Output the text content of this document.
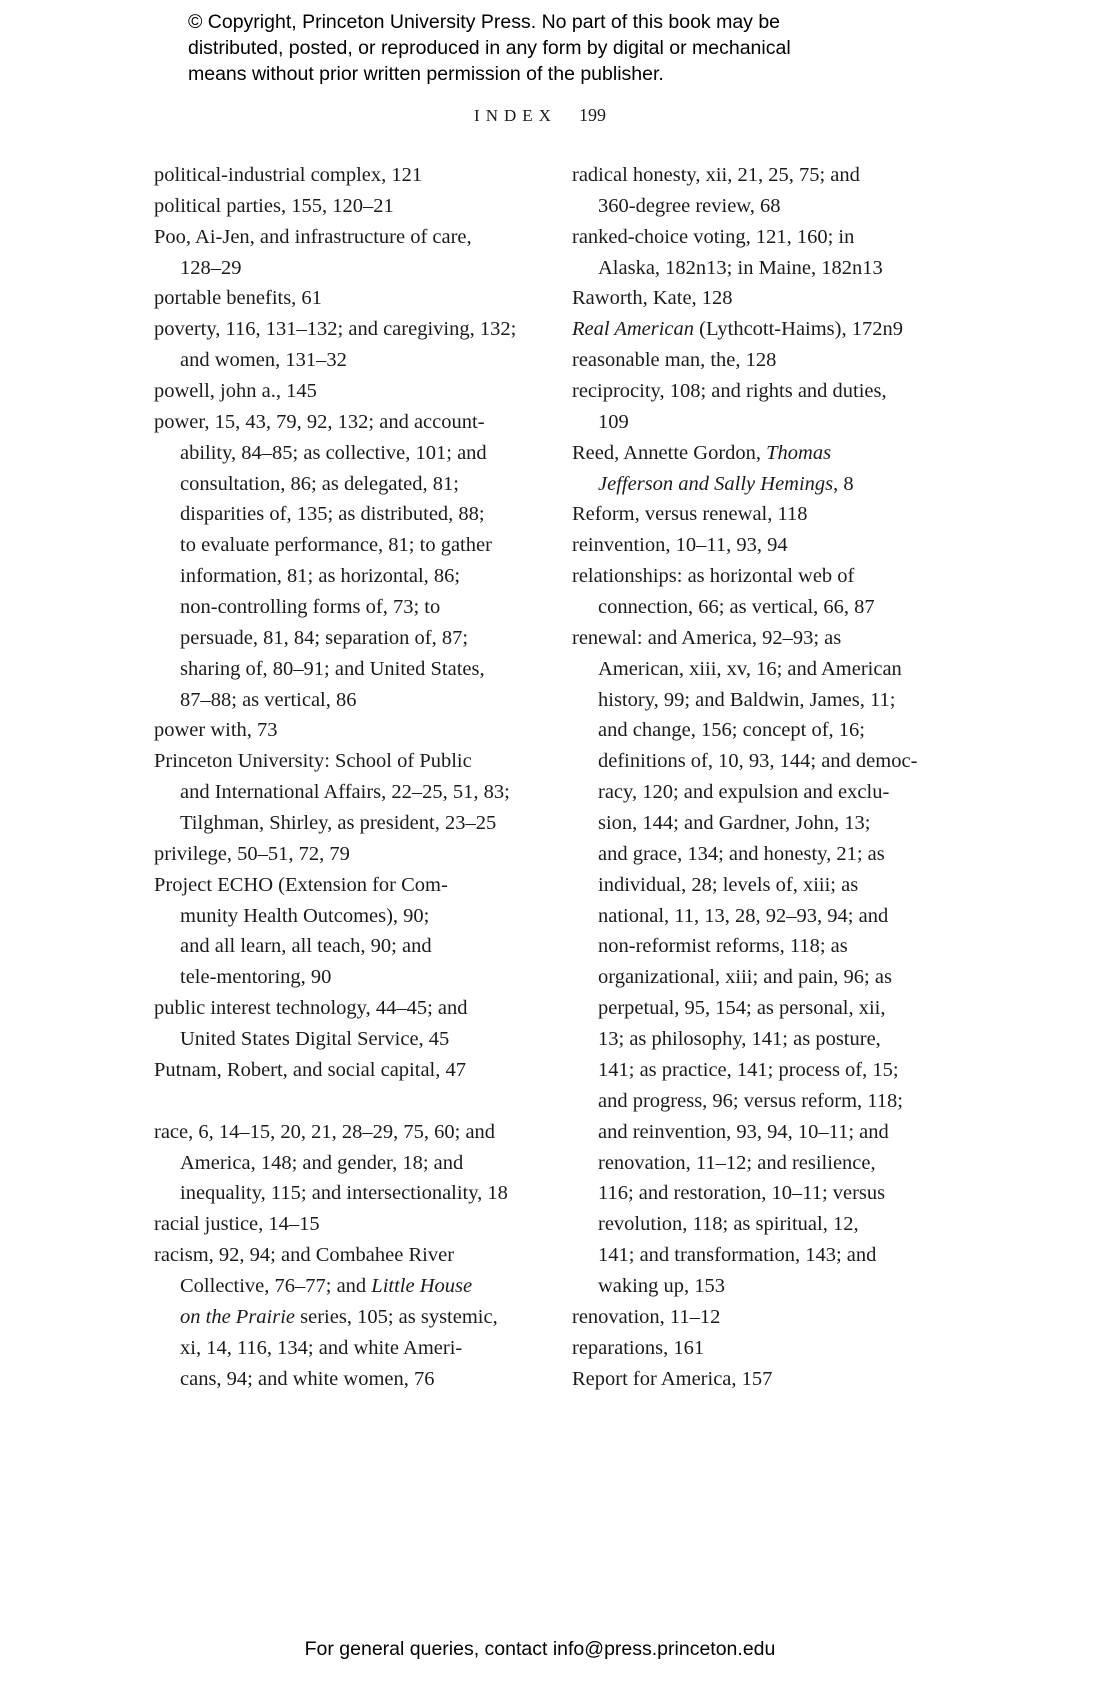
© Copyright, Princeton University Press. No part of this book may be
distributed, posted, or reproduced in any form by digital or mechanical
means without prior written permission of the publisher.
INDEX 199
political-industrial complex, 121
political parties, 155, 120–21
Poo, Ai-Jen, and infrastructure of care,
128–29
portable benefits, 61
poverty, 116, 131–132; and caregiving, 132;
and women, 131–32
powell, john a., 145
power, 15, 43, 79, 92, 132; and account-
ability, 84–85; as collective, 101; and
consultation, 86; as delegated, 81;
disparities of, 135; as distributed, 88;
to evaluate performance, 81; to gather
information, 81; as horizontal, 86;
non-controlling forms of, 73; to
persuade, 81, 84; separation of, 87;
sharing of, 80–91; and United States,
87–88; as vertical, 86
power with, 73
Princeton University: School of Public
and International Affairs, 22–25, 51, 83;
Tilghman, Shirley, as president, 23–25
privilege, 50–51, 72, 79
Project ECHO (Extension for Com-
munity Health Outcomes), 90;
and all learn, all teach, 90; and
tele-mentoring, 90
public interest technology, 44–45; and
United States Digital Service, 45
Putnam, Robert, and social capital, 47
race, 6, 14–15, 20, 21, 28–29, 75, 60; and
America, 148; and gender, 18; and
inequality, 115; and intersectionality, 18
racial justice, 14–15
racism, 92, 94; and Combahee River
Collective, 76–77; and Little House
on the Prairie series, 105; as systemic,
xi, 14, 116, 134; and white Ameri-
cans, 94; and white women, 76
radical honesty, xii, 21, 25, 75; and
360-degree review, 68
ranked-choice voting, 121, 160; in
Alaska, 182n13; in Maine, 182n13
Raworth, Kate, 128
Real American (Lythcott-Haims), 172n9
reasonable man, the, 128
reciprocity, 108; and rights and duties,
109
Reed, Annette Gordon, Thomas
Jefferson and Sally Hemings, 8
Reform, versus renewal, 118
reinvention, 10–11, 93, 94
relationships: as horizontal web of
connection, 66; as vertical, 66, 87
renewal: and America, 92–93; as
American, xiii, xv, 16; and American
history, 99; and Baldwin, James, 11;
and change, 156; concept of, 16;
definitions of, 10, 93, 144; and democ-
racy, 120; and expulsion and exclu-
sion, 144; and Gardner, John, 13;
and grace, 134; and honesty, 21; as
individual, 28; levels of, xiii; as
national, 11, 13, 28, 92–93, 94; and
non-reformist reforms, 118; as
organizational, xiii; and pain, 96; as
perpetual, 95, 154; as personal, xii,
13; as philosophy, 141; as posture,
141; as practice, 141; process of, 15;
and progress, 96; versus reform, 118;
and reinvention, 93, 94, 10–11; and
renovation, 11–12; and resilience,
116; and restoration, 10–11; versus
revolution, 118; as spiritual, 12,
141; and transformation, 143; and
waking up, 153
renovation, 11–12
reparations, 161
Report for America, 157
For general queries, contact info@press.princeton.edu
